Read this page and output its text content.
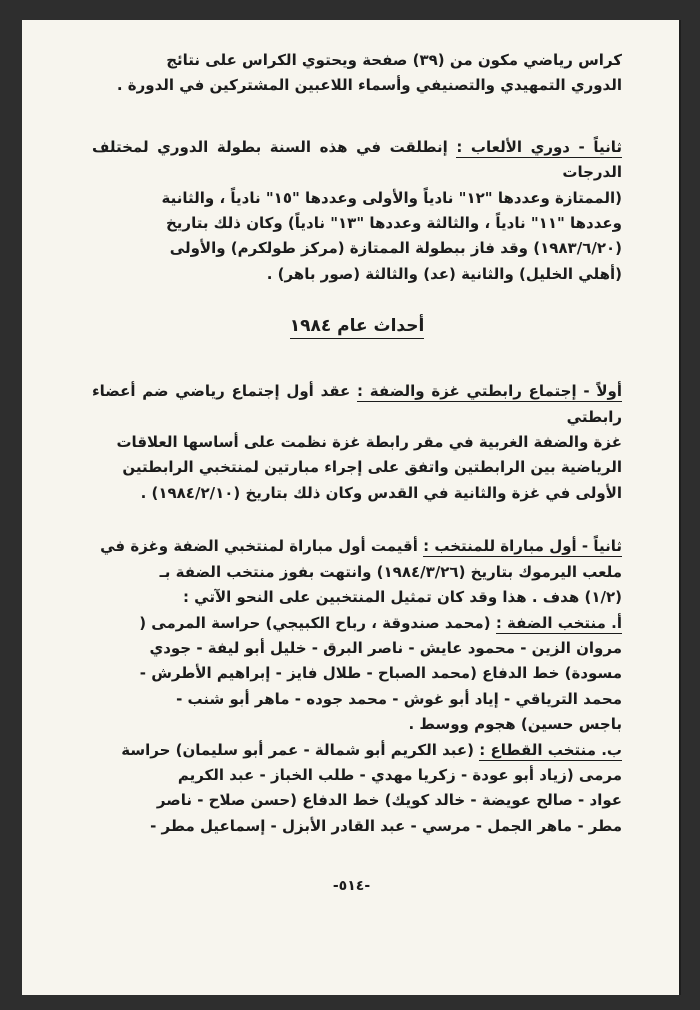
كراس رياضي مكون من (٣٩) صفحة ويحتوي الكراس على نتائج

الدوري التمهيدي والتصنيفي وأسماء اللاعبين المشتركين في الدورة .

ثانياً - دوري الألعاب : إنطلقت في هذه السنة بطولة الدوري لمختلف الدرجات

(الممتازة وعددها "١٢" نادياً والأولى وعددها "١٥" نادياً ، والثانية

وعددها "١١" نادياً ، والثالثة وعددها "١٣" نادياً) وكان ذلك بتاريخ

(١٩٨٣/٦/٢٠) وقد فاز ببطولة الممتازة (مركز طولكرم) والأولى

(أهلي الخليل) والثانية (عد) والثالثة (صور باهر) .

أحداث عام ١٩٨٤

أولاً - إجتماع رابطتي غزة والضفة : عقد أول إجتماع رياضي ضم أعضاء رابطتي

غزة والضفة الغربية في مقر رابطة غزة نظمت على أساسها العلاقات

الرياضية بين الرابطتين واتفق على إجراء مبارتين لمنتخبي الرابطتين

الأولى في غزة والثانية في القدس وكان ذلك بتاريخ (١٩٨٤/٢/١٠) .

ثانياً - أول مباراة للمنتخب : أقيمت أول مباراة لمنتخبي الضفة وغزة في

ملعب اليرموك بتاريخ (١٩٨٤/٣/٢٦) وانتهت بفوز منتخب الضفة بـ

(١/٢) هدف . هذا وقد كان تمثيل المنتخبين على النحو الآتي :

أ. منتخب الضفة : (محمد صندوقة ، رباح الكبيجي) حراسة المرمى (

مروان الزين - محمود عايش - ناصر البرق - خليل أبو ليفة - جودي

مسودة) خط الدفاع (محمد الصباح - طلال فايز - إبراهيم الأطرش -

محمد الترياقي - إياد أبو غوش - محمد جوده - ماهر أبو شنب -

باجس حسين) هجوم ووسط .

ب. منتخب القطاع : (عبد الكريم أبو شمالة - عمر أبو سليمان) حراسة

مرمى (زياد أبو عودة - زكريا مهدي - طلب الخباز - عبد الكريم

عواد - صالح عويضة - خالد كويك) خط الدفاع (حسن صلاح - ناصر

مطر - ماهر الجمل - مرسي - عبد القادر الأبزل - إسماعيل مطر -

-٥١٤-
